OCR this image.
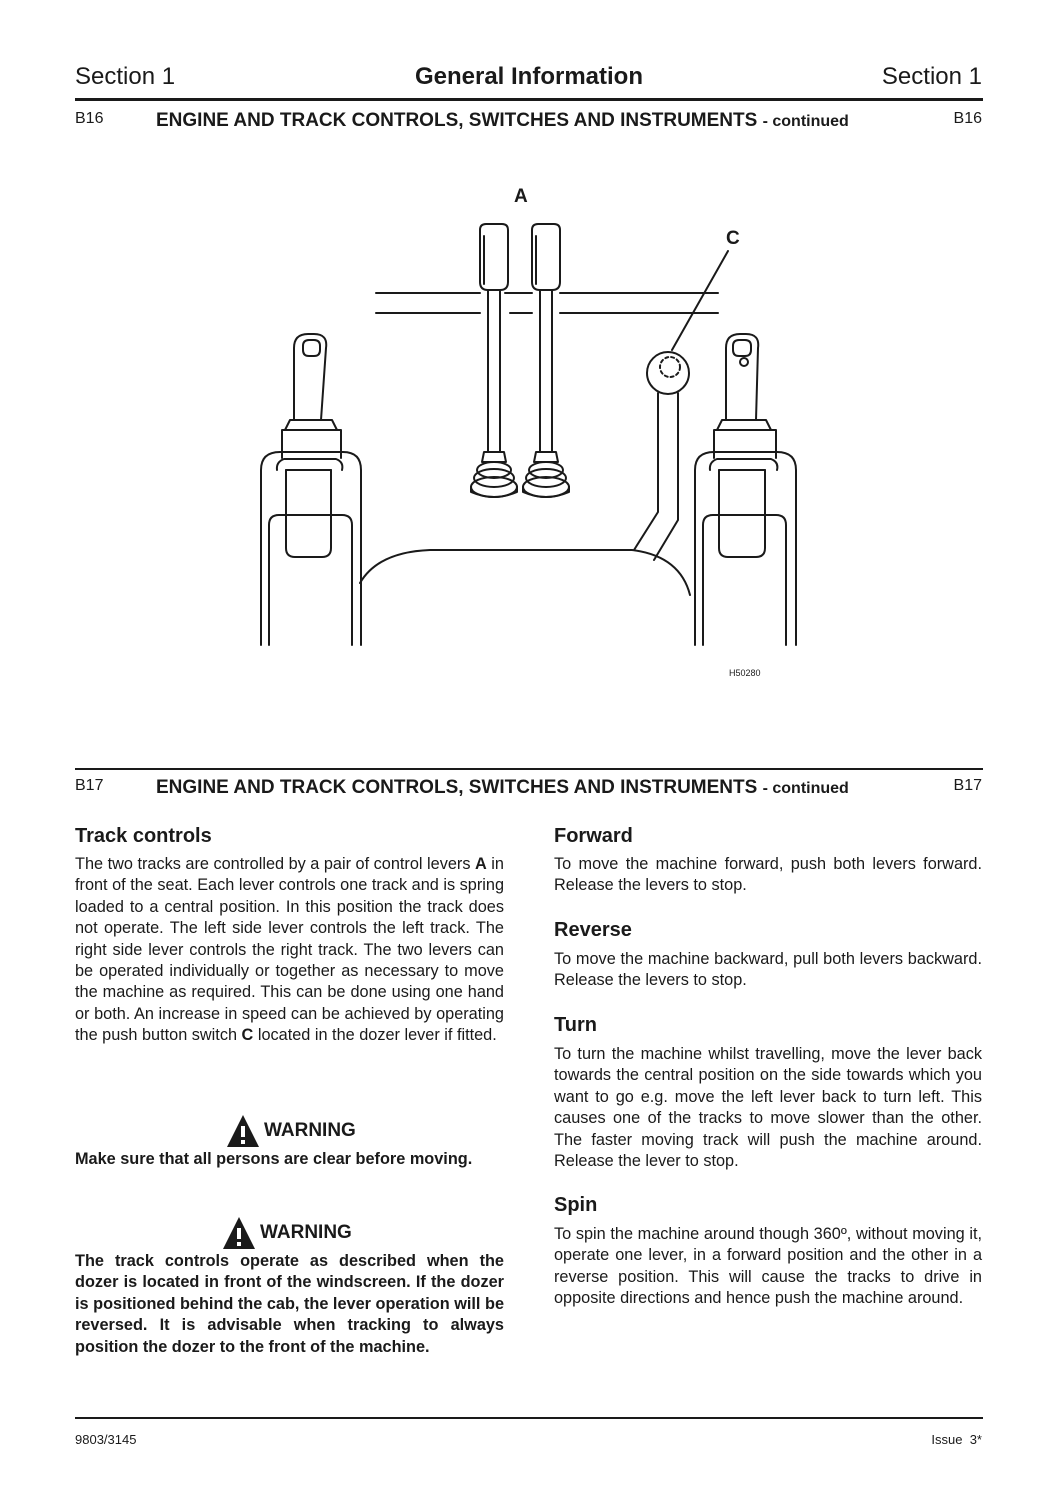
Section 1	General Information	Section 1
B16	ENGINE AND TRACK CONTROLS, SWITCHES AND INSTRUMENTS - continued	B16
A
C
H50280
B17	ENGINE AND TRACK CONTROLS, SWITCHES AND INSTRUMENTS - continued	B17
Track controls
The two tracks are controlled by a pair of control levers A in front of the seat. Each lever controls one track and is spring loaded to a central position. In this position the track does not operate. The left side lever controls the left track. The right side lever controls the right track. The two levers can be operated individually or together as necessary to move the machine as required. This can be done using one hand or both. An increase in speed can be achieved by operating the push button switch C located in the dozer lever if fitted.
WARNING
Make sure that all persons are clear before moving.
WARNING
The track controls operate as described when the dozer is located in front of the windscreen. If the dozer is positioned behind the cab, the lever operation will be reversed. It is advisable when tracking to always position the dozer to the front of the machine.
Forward
To move the machine forward, push both levers forward. Release the levers to stop.
Reverse
To move the machine backward, pull both levers backward. Release the levers to stop.
Turn
To turn the machine whilst travelling, move the lever back towards the central position on the side towards which you want to go e.g. move the left lever back to turn left. This causes one of the tracks to move slower than the other. The faster moving track will push the machine around. Release the lever to stop.
Spin
To spin the machine around though 360º, without moving it, operate one lever, in a forward position and the other in a reverse position. This will cause the tracks to drive in opposite directions and hence push the machine around.
9803/3145	Issue  3*
